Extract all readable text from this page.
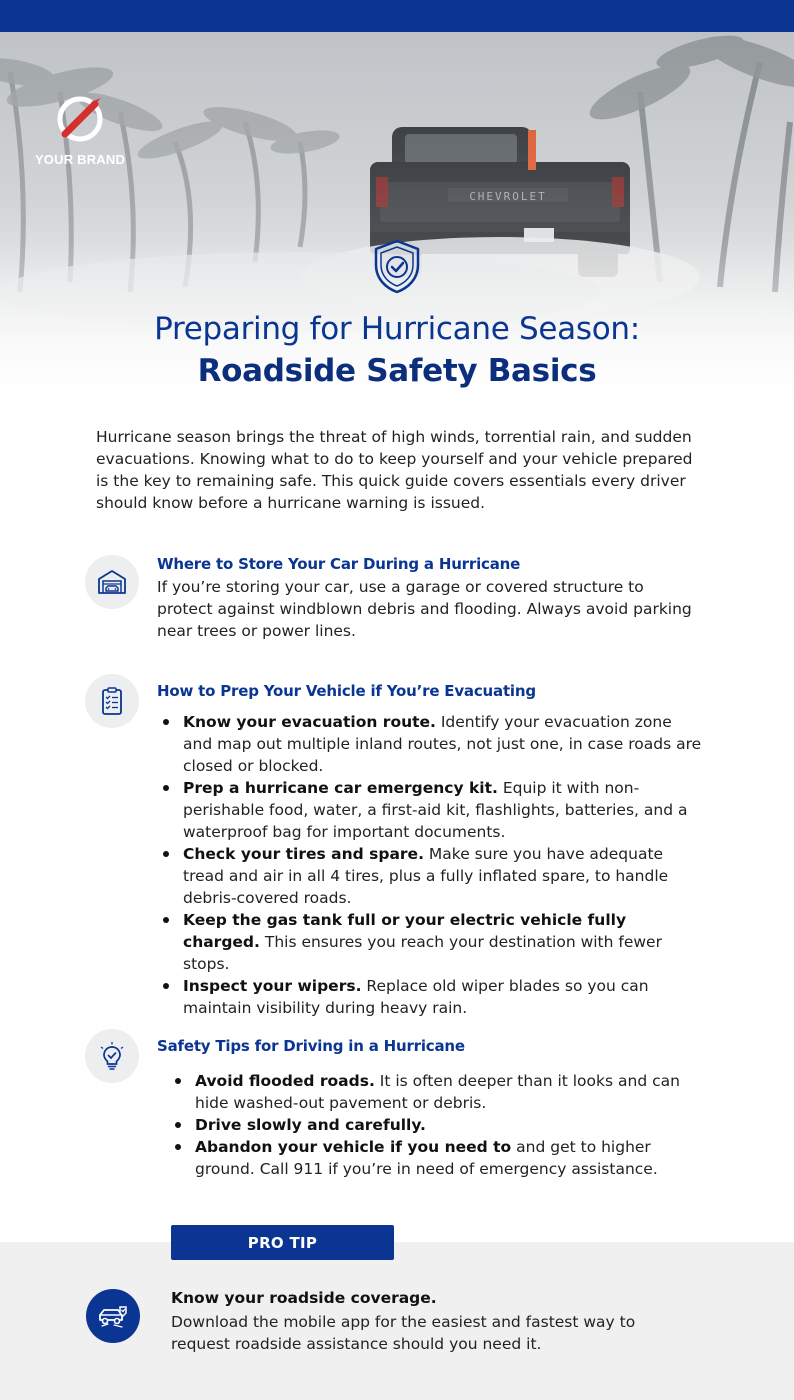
YOUR BRAND
Preparing for Hurricane Season:
Roadside Safety Basics

Hurricane season brings the threat of high winds, torrential rain, and sudden evacuations. Knowing what to do to keep yourself and your vehicle prepared is the key to remaining safe. This quick guide covers essentials every driver should know before a hurricane warning is issued.

Where to Store Your Car During a Hurricane

If you’re storing your car, use a garage or covered structure to protect against windblown debris and flooding. Always avoid parking near trees or power lines.

How to Prep Your Vehicle if You’re Evacuating
Know your evacuation route. Identify your evacuation zone and map out multiple inland routes, not just one, in case roads are closed or blocked.
Prep a hurricane car emergency kit. Equip it with non-perishable food, water, a first-aid kit, flashlights, batteries, and a waterproof bag for important documents.
Check your tires and spare. Make sure you have adequate tread and air in all 4 tires, plus a fully inflated spare, to handle debris-covered roads.
Keep the gas tank full or your electric vehicle fully charged. This ensures you reach your destination with fewer stops.
Inspect your wipers. Replace old wiper blades so you can maintain visibility during heavy rain.
Safety Tips for Driving in a Hurricane
Avoid flooded roads. It is often deeper than it looks and can hide washed-out pavement or debris.
Drive slowly and carefully.
Abandon your vehicle if you need to and get to higher ground. Call 911 if you’re in need of emergency assistance.
PRO TIP
Know your roadside coverage.

Download the mobile app for the easiest and fastest way to request roadside assistance should you need it.
